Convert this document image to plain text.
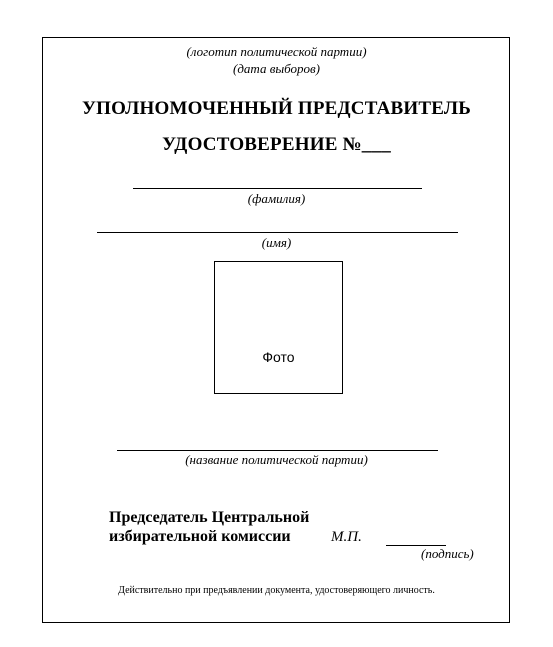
(логотип политической партии)
(дата выборов)
УПОЛНОМОЧЕННЫЙ ПРЕДСТАВИТЕЛЬ
УДОСТОВЕРЕНИЕ №___
(фамилия)
(имя)
Фото
(название политической партии)
Председатель Центральной
избирательной комиссии	М.П.
(подпись)
Действительно при предъявлении документа, удостоверяющего личность.
